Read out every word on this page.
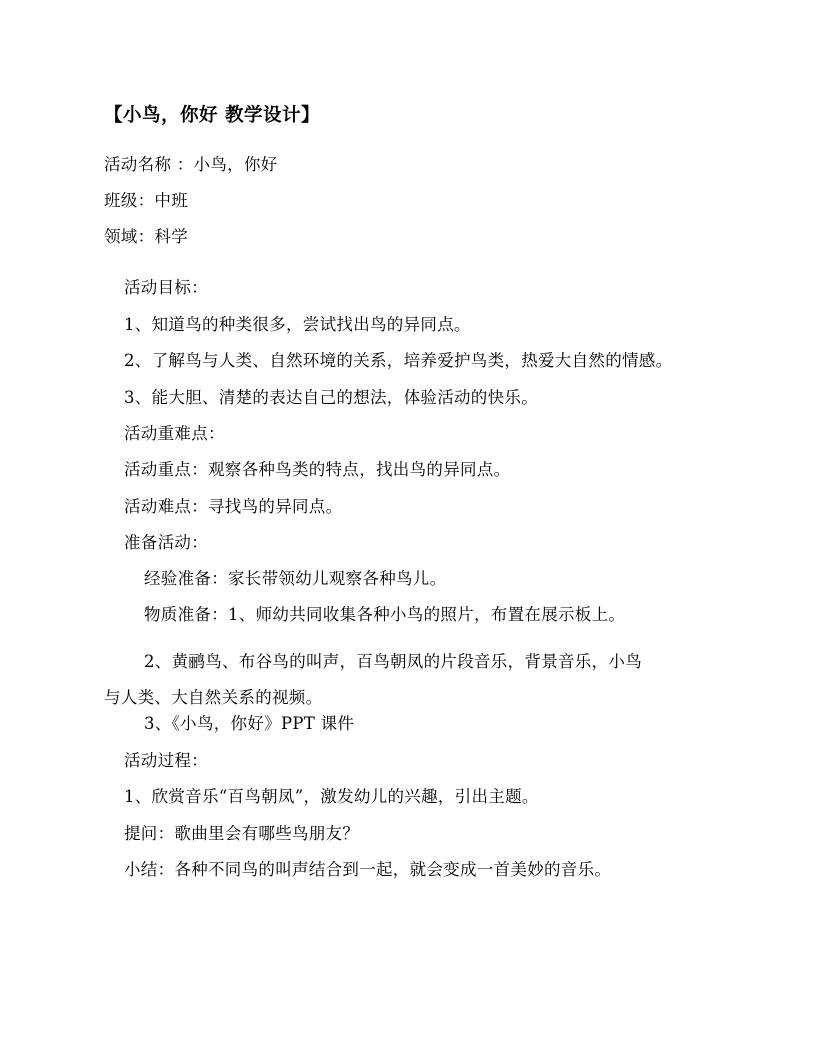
【小鸟，你好 教学设计】
活动名称 ：小鸟，你好
班级：中班
领域：科学
活动目标：
1、知道鸟的种类很多，尝试找出鸟的异同点。
2、了解鸟与人类、自然环境的关系，培养爱护鸟类，热爱大自然的情感。
3、能大胆、清楚的表达自己的想法，体验活动的快乐。
活动重难点：
活动重点：观察各种鸟类的特点，找出鸟的异同点。
活动难点：寻找鸟的异同点。
准备活动：
经验准备：家长带领幼儿观察各种鸟儿。
物质准备：1、师幼共同收集各种小鸟的照片，布置在展示板上。
2、黄鹂鸟、布谷鸟的叫声，百鸟朝凤的片段音乐，背景音乐，小鸟
与人类、大自然关系的视频。
3、《小鸟，你好》PPT 课件
活动过程：
1、欣赏音乐“百鸟朝凤”，激发幼儿的兴趣，引出主题。
提问：歌曲里会有哪些鸟朋友？
小结：各种不同鸟的叫声结合到一起，就会变成一首美妙的音乐。
